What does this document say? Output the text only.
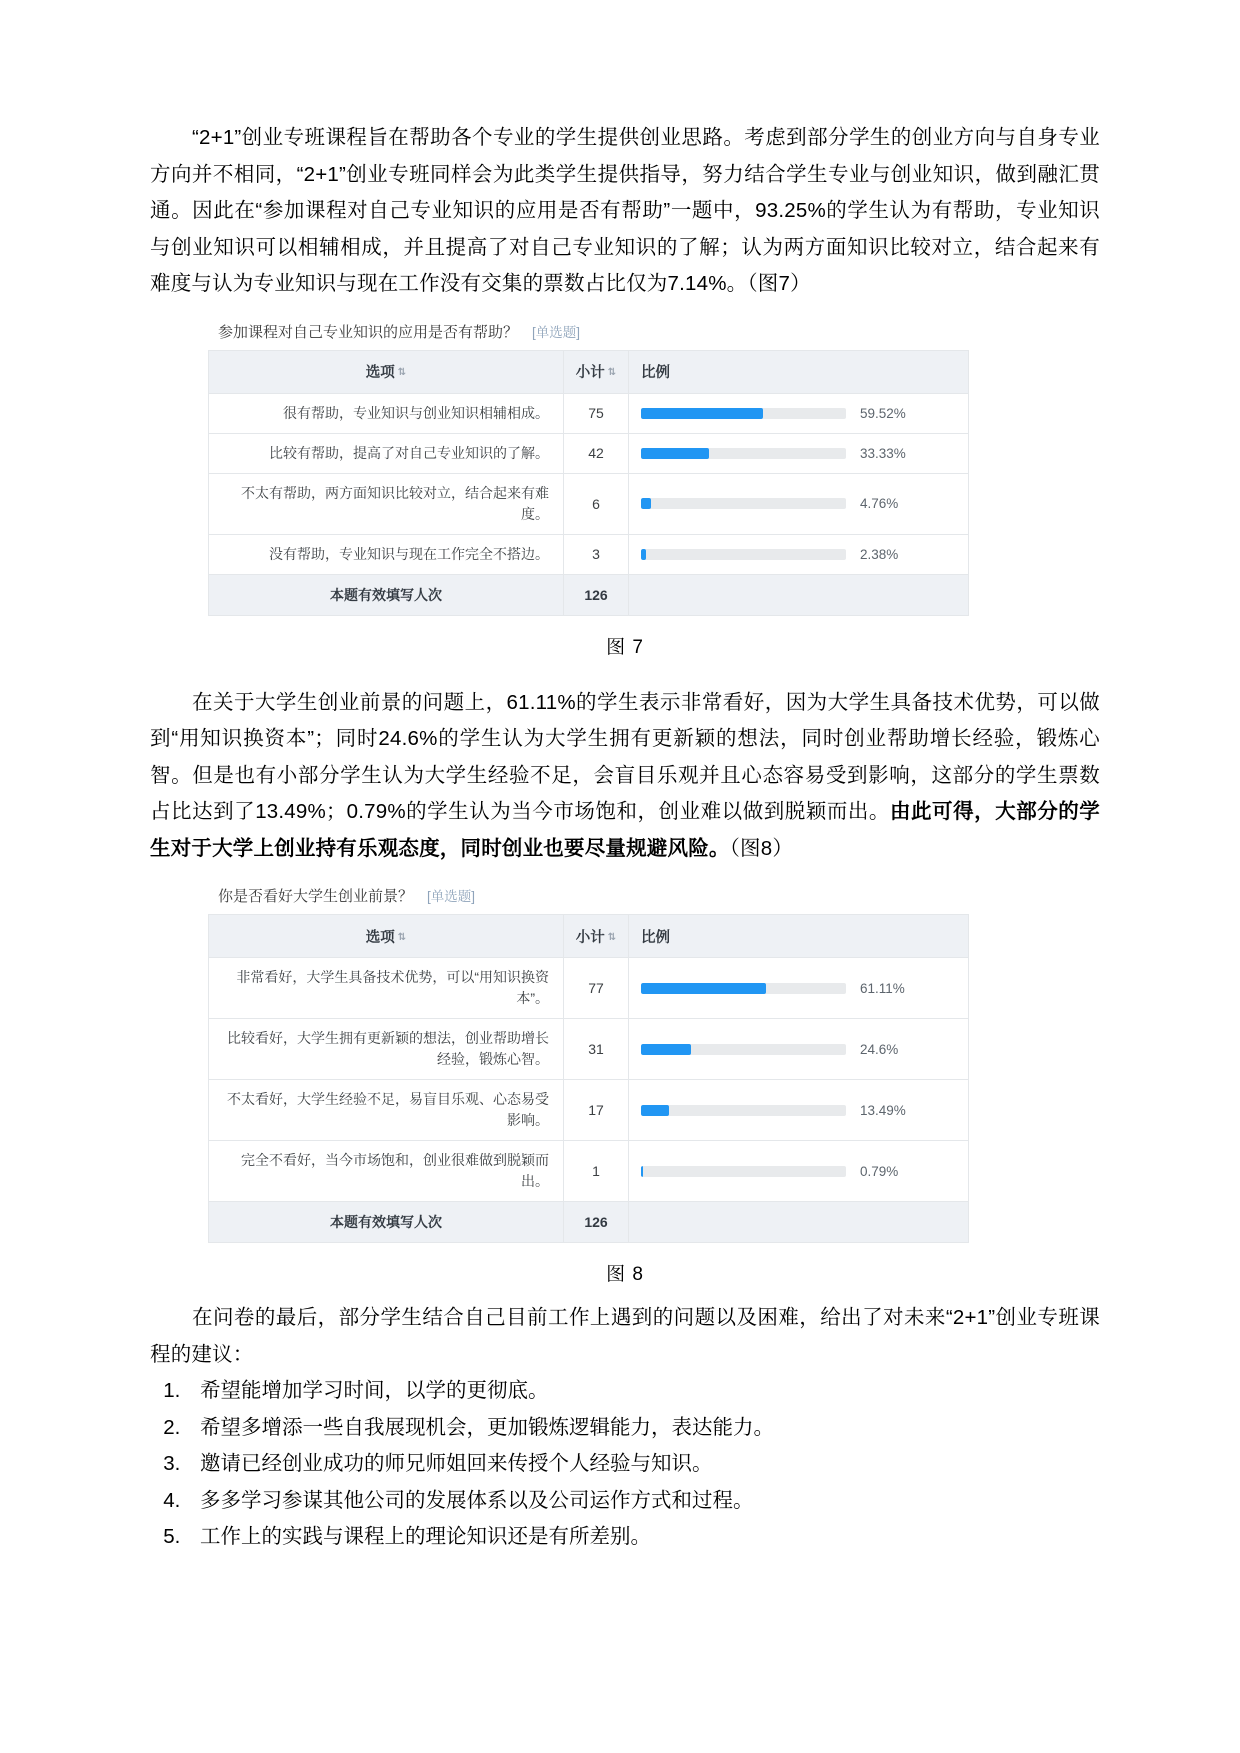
“2+1”创业专班课程旨在帮助各个专业的学生提供创业思路。考虑到部分学生的创业方向与自身专业方向并不相同，“2+1”创业专班同样会为此类学生提供指导，努力结合学生专业与创业知识，做到融汇贯通。因此在“参加课程对自己专业知识的应用是否有帮助”一题中，93.25%的学生认为有帮助，专业知识与创业知识可以相辅相成，并且提高了对自己专业知识的了解；认为两方面知识比较对立，结合起来有难度与认为专业知识与现在工作没有交集的票数占比仅为7.14%。（图7）

参加课程对自己专业知识的应用是否有帮助？ [单选题]
选项 ⇅	小计 ⇅	比例
很有帮助，专业知识与创业知识相辅相成。	75	59.52%

比较有帮助，提高了对自己专业知识的了解。	42	33.33%

不太有帮助，两方面知识比较对立，结合起来有难度。	6	4.76%

没有帮助，专业知识与现在工作完全不搭边。	3	2.38%

本题有效填写人次	126	

图 7

在关于大学生创业前景的问题上，61.11%的学生表示非常看好，因为大学生具备技术优势，可以做到“用知识换资本”；同时24.6%的学生认为大学生拥有更新颖的想法，同时创业帮助增长经验，锻炼心智。但是也有小部分学生认为大学生经验不足，会盲目乐观并且心态容易受到影响，这部分的学生票数占比达到了13.49%；0.79%的学生认为当今市场饱和，创业难以做到脱颖而出。由此可得，大部分的学生对于大学上创业持有乐观态度，同时创业也要尽量规避风险。（图8）

你是否看好大学生创业前景？ [单选题]
选项 ⇅	小计 ⇅	比例
非常看好，大学生具备技术优势，可以“用知识换资本”。	77	61.11%

比较看好，大学生拥有更新颖的想法，创业帮助增长经验，锻炼心智。	31	24.6%

不太看好，大学生经验不足，易盲目乐观、心态易受影响。	17	13.49%

完全不看好，当今市场饱和，创业很难做到脱颖而出。	1	0.79%

本题有效填写人次	126	

图 8

在问卷的最后，部分学生结合自己目前工作上遇到的问题以及困难，给出了对未来“2+1”创业专班课程的建议：

1. 希望能增加学习时间，以学的更彻底。
2. 希望多增添一些自我展现机会，更加锻炼逻辑能力，表达能力。
3. 邀请已经创业成功的师兄师姐回来传授个人经验与知识。
4. 多多学习参谋其他公司的发展体系以及公司运作方式和过程。
5. 工作上的实践与课程上的理论知识还是有所差别。
